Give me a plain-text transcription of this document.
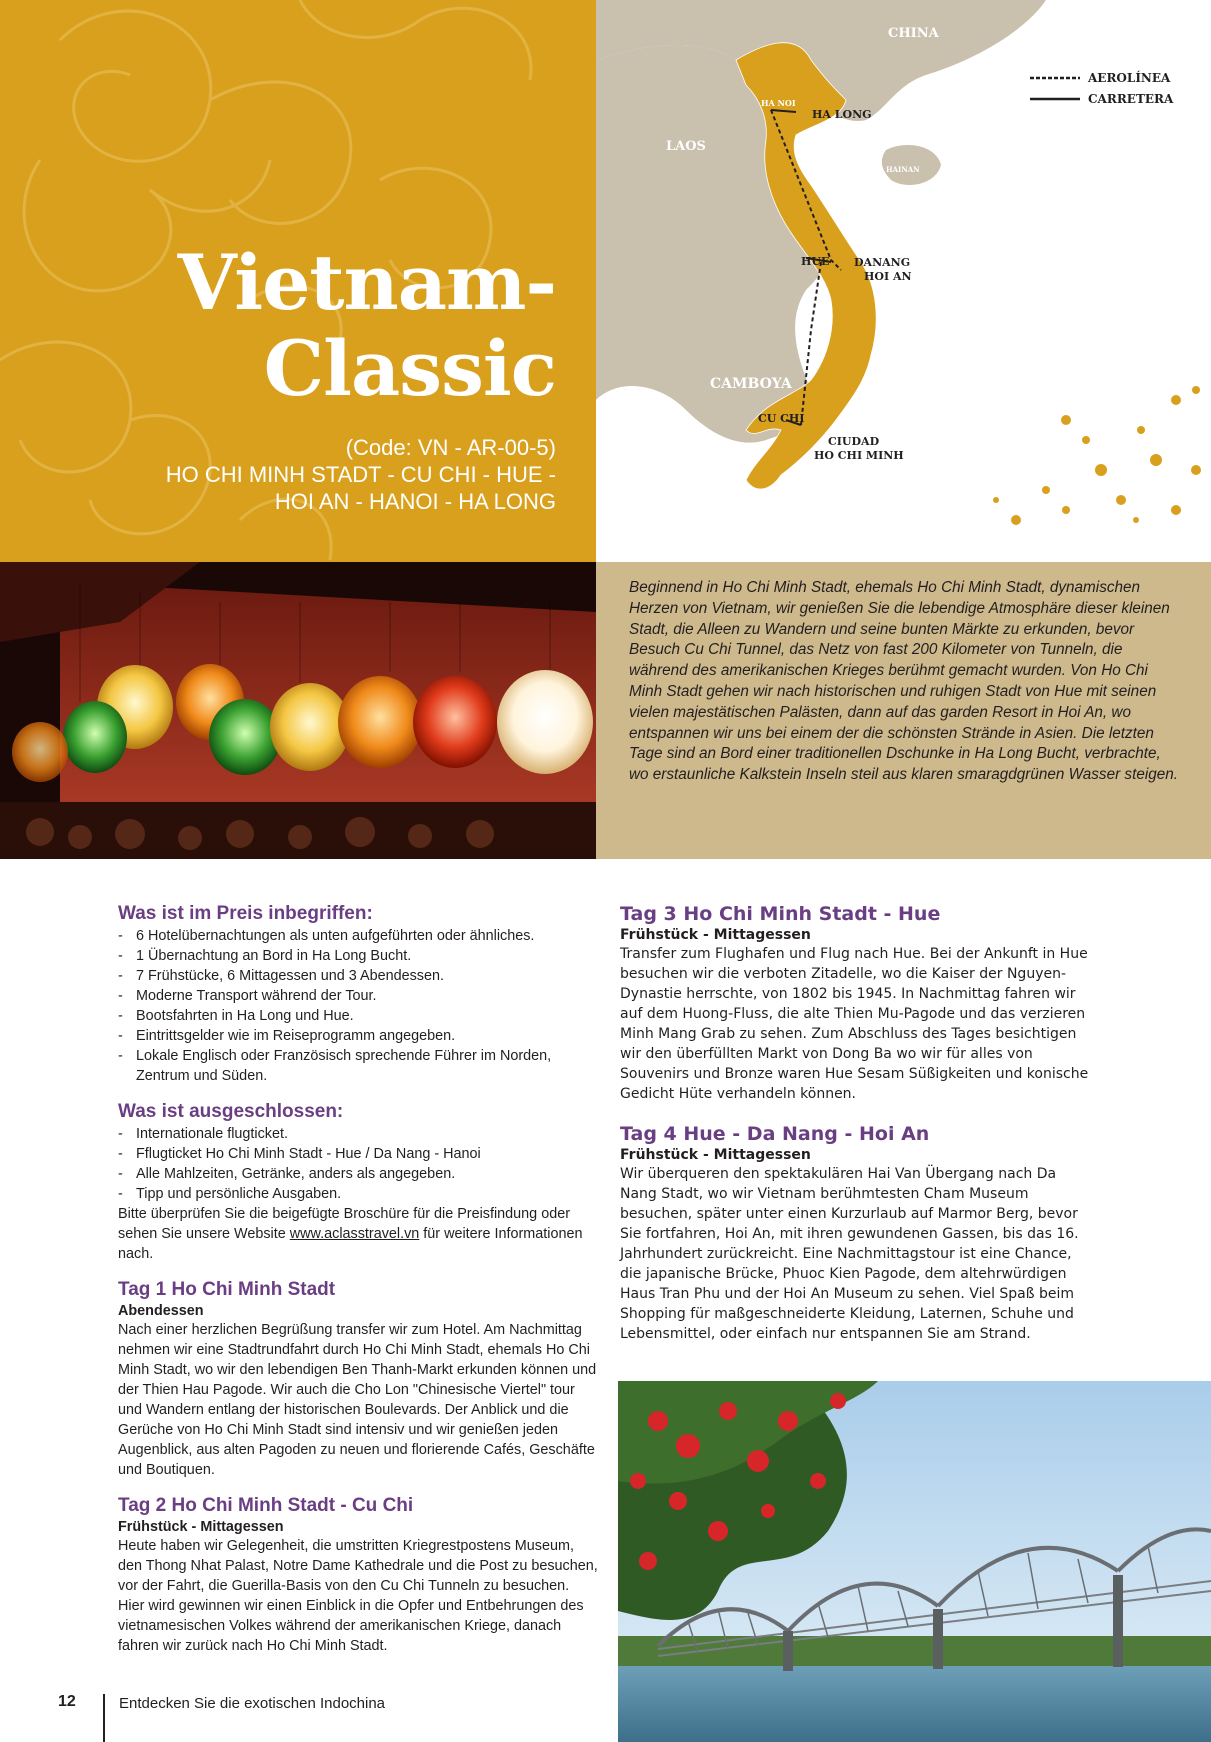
Vietnam-
Classic
(Code: VN - AR-00-5)
HO CHI MINH STADT - CU CHI - HUE -
HOI AN - HANOI - HA LONG
AEROLÍNEA
CARRETERA
CHINA
LAOS
HAINAN
CAMBOYA
HA NOI
HA LONG
HUE DANANG
HOI AN
CU CHI
CIUDAD
HO CHI MINH

Beginnend in Ho Chi Minh Stadt, ehemals Ho Chi Minh Stadt, dynamischen Herzen von Vietnam, wir genießen Sie die lebendige Atmosphäre dieser kleinen Stadt, die Alleen zu Wandern und seine bunten Märkte zu erkunden, bevor Besuch Cu Chi Tunnel, das Netz von fast 200 Kilometer von Tunneln, die während des amerikanischen Krieges berühmt gemacht wurden. Von Ho Chi Minh Stadt gehen wir nach historischen und ruhigen Stadt von Hue mit seinen vielen majestätischen Palästen, dann auf das garden Resort in Hoi An, wo entspannen wir uns bei einem der die schönsten Strände in Asien. Die letzten Tage sind an Bord einer traditionellen Dschunke in Ha Long Bucht, verbrachte, wo erstaunliche Kalkstein Inseln steil aus klaren smaragdgrünen Wasser steigen.

Was ist im Preis inbegriffen:
- 6 Hotelübernachtungen als unten aufgeführten oder ähnliches.
- 1 Übernachtung an Bord in Ha Long Bucht.
- 7 Frühstücke, 6 Mittagessen und 3 Abendessen.
- Moderne Transport während der Tour.
- Bootsfahrten in Ha Long und Hue.
- Eintrittsgelder wie im Reiseprogramm angegeben.
- Lokale Englisch oder Französisch sprechende Führer im Norden, Zentrum und Süden.
Was ist ausgeschlossen:
- Internationale flugticket.
- Fflugticket Ho Chi Minh Stadt - Hue / Da Nang - Hanoi
- Alle Mahlzeiten, Getränke, anders als angegeben.
- Tipp und persönliche Ausgaben.

Bitte überprüfen Sie die beigefügte Broschüre für die Preisfindung oder sehen Sie unsere Website www.aclasstravel.vn für weitere Informationen nach.

Tag 1 Ho Chi Minh Stadt
Abendessen

Nach einer herzlichen Begrüßung transfer wir zum Hotel. Am Nachmittag nehmen wir eine Stadtrundfahrt durch Ho Chi Minh Stadt, ehemals Ho Chi Minh Stadt, wo wir den lebendigen Ben Thanh-Markt erkunden können und der Thien Hau Pagode. Wir auch die Cho Lon "Chinesische Viertel" tour und Wandern entlang der historischen Boulevards. Der Anblick und die Gerüche von Ho Chi Minh Stadt sind intensiv und wir genießen jeden Augenblick, aus alten Pagoden zu neuen und florierende Cafés, Geschäfte und Boutiquen.

Tag 2 Ho Chi Minh Stadt - Cu Chi
Frühstück - Mittagessen

Heute haben wir Gelegenheit, die umstritten Kriegrestpostens Museum, den Thong Nhat Palast, Notre Dame Kathedrale und die Post zu besuchen, vor der Fahrt, die Guerilla-Basis von den Cu Chi Tunneln zu besuchen. Hier wird gewinnen wir einen Einblick in die Opfer und Entbehrungen des vietnamesischen Volkes während der amerikanischen Kriege, danach fahren wir zurück nach Ho Chi Minh Stadt.

Tag 3 Ho Chi Minh Stadt - Hue
Frühstück - Mittagessen

Transfer zum Flughafen und Flug nach Hue. Bei der Ankunft in Hue besuchen wir die verboten Zitadelle, wo die Kaiser der Nguyen-Dynastie herrschte, von 1802 bis 1945. In Nachmittag fahren wir auf dem Huong-Fluss, die alte Thien Mu-Pagode und das verzieren Minh Mang Grab zu sehen. Zum Abschluss des Tages besichtigen wir den überfüllten Markt von Dong Ba wo wir für alles von Souvenirs und Bronze waren Hue Sesam Süßigkeiten und konische Gedicht Hüte verhandeln können.

Tag 4 Hue - Da Nang - Hoi An
Frühstück - Mittagessen

Wir überqueren den spektakulären Hai Van Übergang nach Da Nang Stadt, wo wir Vietnam berühmtesten Cham Museum besuchen, später unter einen Kurzurlaub auf Marmor Berg, bevor Sie fortfahren, Hoi An, mit ihren gewundenen Gassen, bis das 16. Jahrhundert zurückreicht. Eine Nachmittagstour ist eine Chance, die japanische Brücke, Phuoc Kien Pagode, dem altehrwürdigen Haus Tran Phu und der Hoi An Museum zu sehen. Viel Spaß beim Shopping für maßgeschneiderte Kleidung, Laternen, Schuhe und Lebensmittel, oder einfach nur entspannen Sie am Strand.

12	Entdecken Sie die exotischen Indochina
